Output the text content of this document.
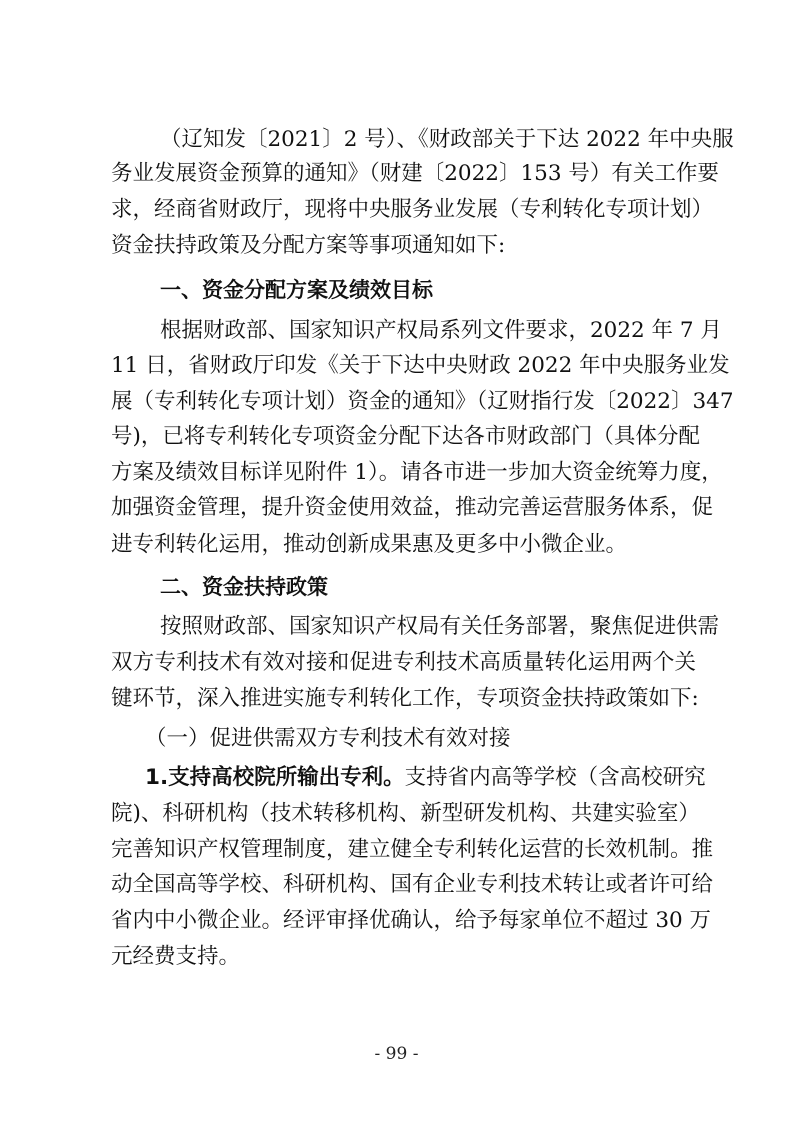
（辽知发〔2021〕2 号）、《财政部关于下达 2022 年中央服
务业发展资金预算的通知》（财建〔2022〕153 号）有关工作要
求，经商省财政厅，现将中央服务业发展（专利转化专项计划）
资金扶持政策及分配方案等事项通知如下:
一、资金分配方案及绩效目标
根据财政部、国家知识产权局系列文件要求，2022 年 7 月
11 日，省财政厅印发《关于下达中央财政 2022 年中央服务业发
展（专利转化专项计划）资金的通知》（辽财指行发〔2022〕347
号)，已将专利转化专项资金分配下达各市财政部门（具体分配
方案及绩效目标详见附件 1）。请各市进一步加大资金统筹力度，
加强资金管理，提升资金使用效益，推动完善运营服务体系，促
进专利转化运用，推动创新成果惠及更多中小微企业。
二、资金扶持政策
按照财政部、国家知识产权局有关任务部署，聚焦促进供需
双方专利技术有效对接和促进专利技术高质量转化运用两个关
键环节，深入推进实施专利转化工作，专项资金扶持政策如下:
（一）促进供需双方专利技术有效对接
1.支持高校院所输出专利。 支持省内高等学校（含高校研究
院)、科研机构（技术转移机构、新型研发机构、共建实验室）
完善知识产权管理制度，建立健全专利转化运营的长效机制。推
动全国高等学校、科研机构、国有企业专利技术转让或者许可给
省内中小微企业。经评审择优确认，给予每家单位不超过 30 万
元经费支持。
- 99 -
